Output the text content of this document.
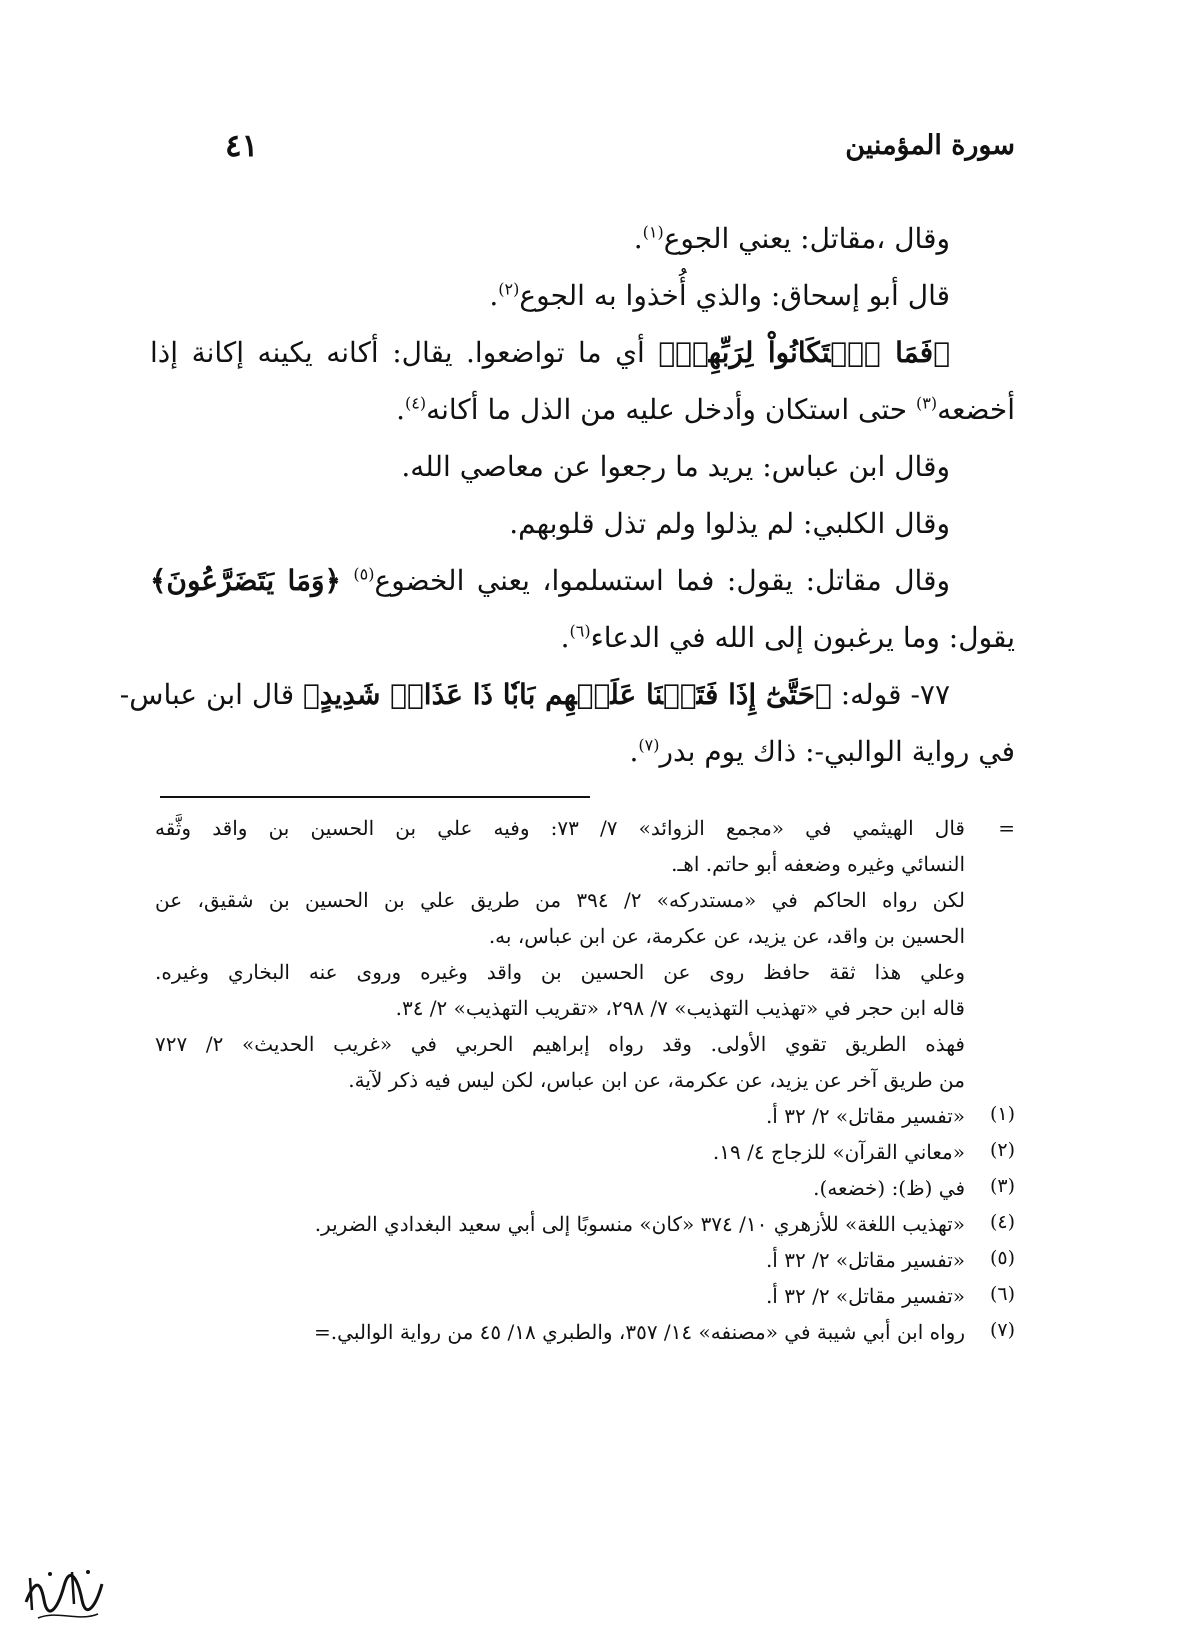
سورة المؤمنين
٤١
وقال ،مقاتل: يعني الجوع$^{(١)}$.
قال أبو إسحاق: والذي أُخذوا به الجوع$^{(٢)}$.
﴿فَمَا ٱسۡتَكَانُواْ لِرَبِّهِمۡ﴾ أي ما تواضعوا. يقال: أكانه يكينه إكانة إذا
أخضعه$^{(٣)}$ حتى استكان وأدخل عليه من الذل ما أكانه$^{(٤)}$.
وقال ابن عباس: يريد ما رجعوا عن معاصي الله.
وقال الكلبي: لم يذلوا ولم تذل قلوبهم.
وقال مقاتل: يقول: فما استسلموا، يعني الخضوع$^{(٥)}$ ﴿وَمَا يَتَضَرَّعُونَ﴾
يقول: وما يرغبون إلى الله في الدعاء$^{(٦)}$.
٧٧- قوله: ﴿حَتَّىٰٓ إِذَا فَتَحۡنَا عَلَيۡهِم بَابٗا ذَا عَذَابٖ شَدِيدٍ﴾ قال ابن عباس-
في رواية الوالبي-: ذاك يوم بدر$^{(٧)}$.
=
قال الهيثمي في «مجمع الزوائد» ٧/ ٧٣: وفيه علي بن الحسين بن واقد وثَّقه
النسائي وغيره وضعفه أبو حاتم. اهـ.
لكن رواه الحاكم في «مستدركه» ٢/ ٣٩٤ من طريق علي بن الحسين بن شقيق، عن
الحسين بن واقد، عن يزيد، عن عكرمة، عن ابن عباس، به.
وعلي هذا ثقة حافظ روى عن الحسين بن واقد وغيره وروى عنه البخاري وغيره.
قاله ابن حجر في «تهذيب التهذيب» ٧/ ٢٩٨، «تقريب التهذيب» ٢/ ٣٤.
فهذه الطريق تقوي الأولى. وقد رواه إبراهيم الحربي في «غريب الحديث» ٢/ ٧٢٧
من طريق آخر عن يزيد، عن عكرمة، عن ابن عباس، لكن ليس فيه ذكر لآية.
(١)
«تفسير مقاتل» ٢/ ٣٢ أ.
(٢)
«معاني القرآن» للزجاج ٤/ ١٩.
(٣)
في (ظ): (خضعه).
(٤)
«تهذيب اللغة» للأزهري ١٠/ ٣٧٤ «كان» منسوبًا إلى أبي سعيد البغدادي الضرير.
(٥)
«تفسير مقاتل» ٢/ ٣٢ أ.
(٦)
«تفسير مقاتل» ٢/ ٣٢ أ.
(٧)
رواه ابن أبي شيبة في «مصنفه» ١٤/ ٣٥٧، والطبري ١٨/ ٤٥ من رواية الوالبي.=
